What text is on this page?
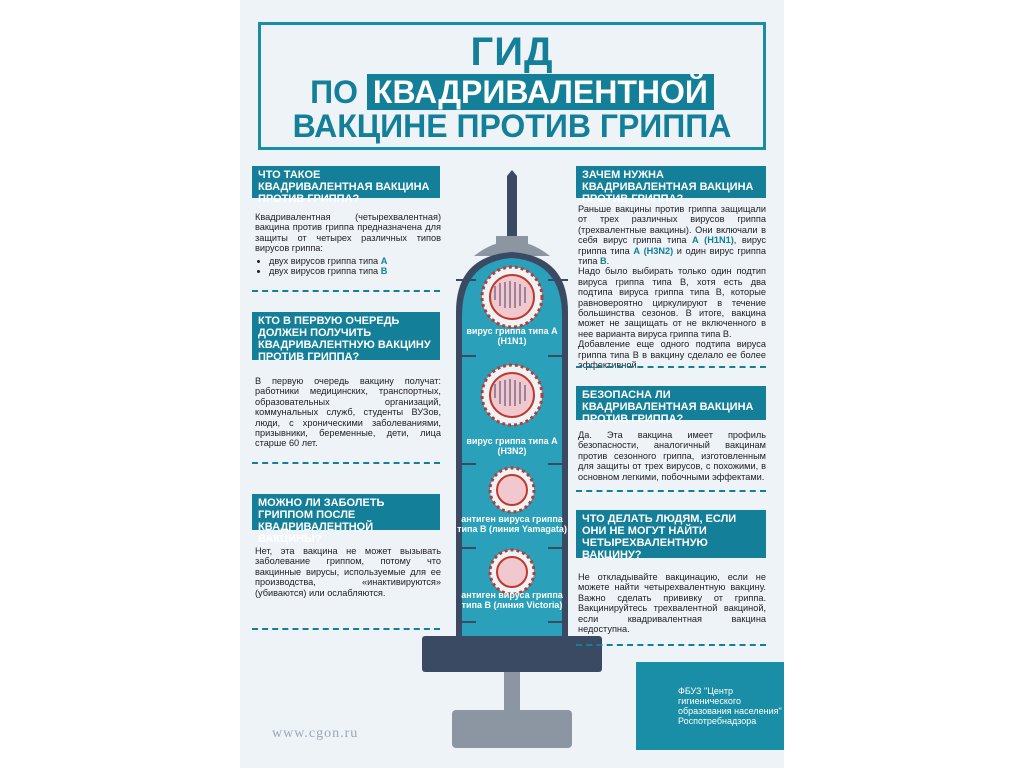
ГИД
ПО КВАДРИВАЛЕНТНОЙ
ВАКЦИНЕ ПРОТИВ ГРИППА
вирус гриппа типа А (H1N1)
вирус гриппа типа А (H3N2)
антиген вируса гриппа типа В (линия Yamagata)
антиген вируса гриппа типа В (линия Victoria)
ЧТО ТАКОЕ КВАДРИВАЛЕНТНАЯ ВАКЦИНА ПРОТИВ ГРИППА?
Квадривалентная (четырехвалентная) вакцина против гриппа предназначена для защиты от четырех различных типов вирусов гриппа:
• двух вирусов гриппа типа А
• двух вирусов гриппа типа В
КТО В ПЕРВУЮ ОЧЕРЕДЬ ДОЛЖЕН ПОЛУЧИТЬ КВАДРИВАЛЕНТНУЮ ВАКЦИНУ ПРОТИВ ГРИППА?
В первую очередь вакцину получат: работники медицинских, транспортных, образовательных организаций, коммунальных служб, студенты ВУЗов, люди, с хроническими заболеваниями, призывники, беременные, дети, лица старше 60 лет.
МОЖНО ЛИ ЗАБОЛЕТЬ ГРИППОМ ПОСЛЕ КВАДРИВАЛЕНТНОЙ ВАКЦИНЫ?
Нет, эта вакцина не может вызывать заболевание гриппом, потому что вакцинные вирусы, используемые для ее производства, «инактивируются» (убиваются) или ослабляются.
ЗАЧЕМ НУЖНА КВАДРИВАЛЕНТНАЯ ВАКЦИНА ПРОТИВ ГРИППА?
Раньше вакцины против гриппа защищали от трех различных вирусов гриппа (трехвалентные вакцины). Они включали в себя вирус гриппа типа А (H1N1), вирус гриппа типа А (H3N2) и один вирус гриппа типа В.
Надо было выбирать только один подтип вируса гриппа типа В, хотя есть два подтипа вируса гриппа типа В, которые равновероятно циркулируют в течение большинства сезонов. В итоге, вакцина может не защищать от не включенного в нее варианта вируса гриппа типа В.
Добавление еще одного подтипа вируса гриппа типа В в вакцину сделало ее более эффективной.
БЕЗОПАСНА ЛИ КВАДРИВАЛЕНТНАЯ ВАКЦИНА ПРОТИВ ГРИППА?
Да. Эта вакцина имеет профиль безопасности, аналогичный вакцинам против сезонного гриппа, изготовленным для защиты от трех вирусов, с похожими, в основном легкими, побочными эффектами.
ЧТО ДЕЛАТЬ ЛЮДЯМ, ЕСЛИ ОНИ НЕ МОГУТ НАЙТИ ЧЕТЫРЕХВАЛЕНТНУЮ ВАКЦИНУ?
Не откладывайте вакцинацию, если не можете найти четырехвалентную вакцину. Важно сделать прививку от гриппа. Вакцинируйтесь трехвалентной вакциной, если квадривалентная вакцина недоступна.
ФБУЗ "Центр гигиенического образования населения" Роспотребнадзора
www.cgon.ru
